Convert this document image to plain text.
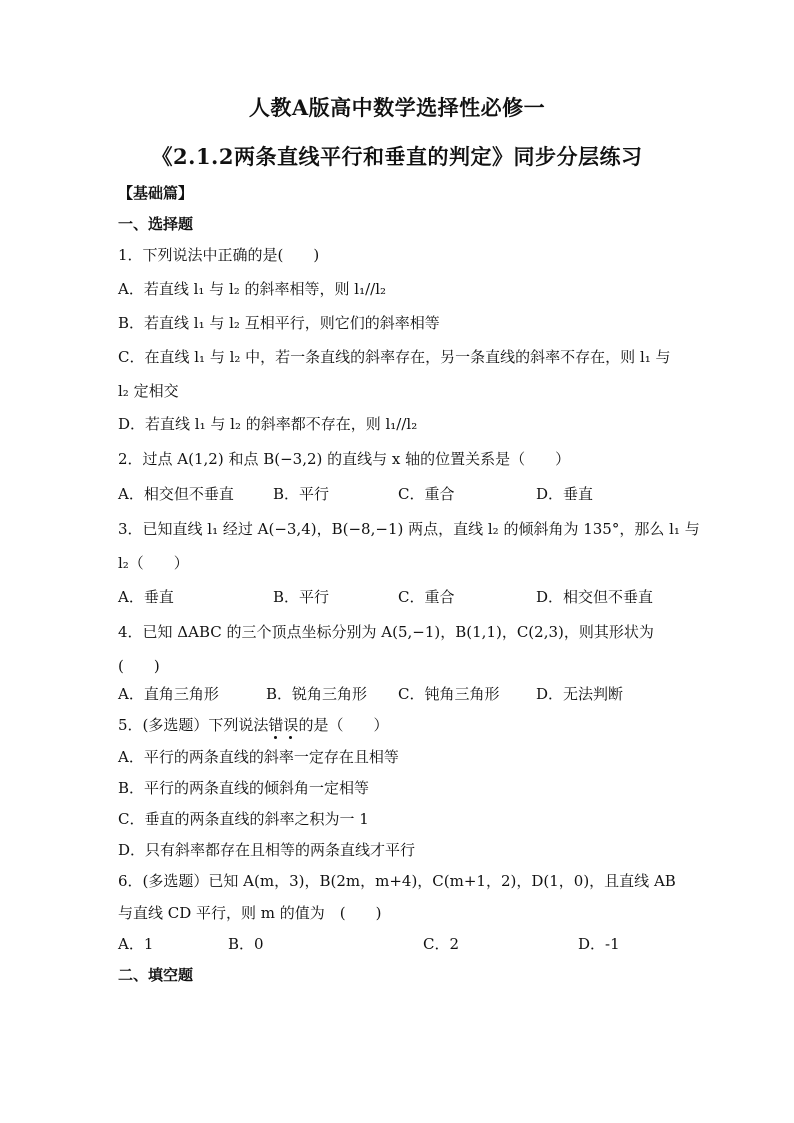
人教A版高中数学选择性必修一
《2.1.2两条直线平行和垂直的判定》同步分层练习
【基础篇】
一、选择题
1．下列说法中正确的是(　　)
A．若直线 l₁ 与 l₂ 的斜率相等，则 l₁//l₂
B．若直线 l₁ 与 l₂ 互相平行，则它们的斜率相等
C．在直线 l₁ 与 l₂ 中，若一条直线的斜率存在，另一条直线的斜率不存在，则 l₁ 与
l₂ 定相交
D．若直线 l₁ 与 l₂ 的斜率都不存在，则 l₁//l₂
2．过点 A(1,2) 和点 B(−3,2) 的直线与 x 轴的位置关系是（　　）
A．相交但不垂直	B．平行	C．重合	D．垂直
3．已知直线 l₁ 经过 A(−3,4)，B(−8,−1) 两点，直线 l₂ 的倾斜角为 135°，那么 l₁ 与
l₂（　　）
A．垂直	B．平行	C．重合	D．相交但不垂直
4．已知 ΔABC 的三个顶点坐标分别为 A(5,−1)，B(1,1)，C(2,3)，则其形状为
(　　)
A．直角三角形	B．锐角三角形 C．钝角三角形 D．无法判断
5．(多选题）下列说法错误的是（　　）
A．平行的两条直线的斜率一定存在且相等
B．平行的两条直线的倾斜角一定相等
C．垂直的两条直线的斜率之积为一 1
D．只有斜率都存在且相等的两条直线才平行
6．(多选题）已知 A(m，3)，B(2m，m+4)，C(m+1，2)，D(1，0)，且直线 AB
与直线 CD 平行，则 m 的值为　(　　)
A．1	B．0	C．2	D．-1
二、填空题
